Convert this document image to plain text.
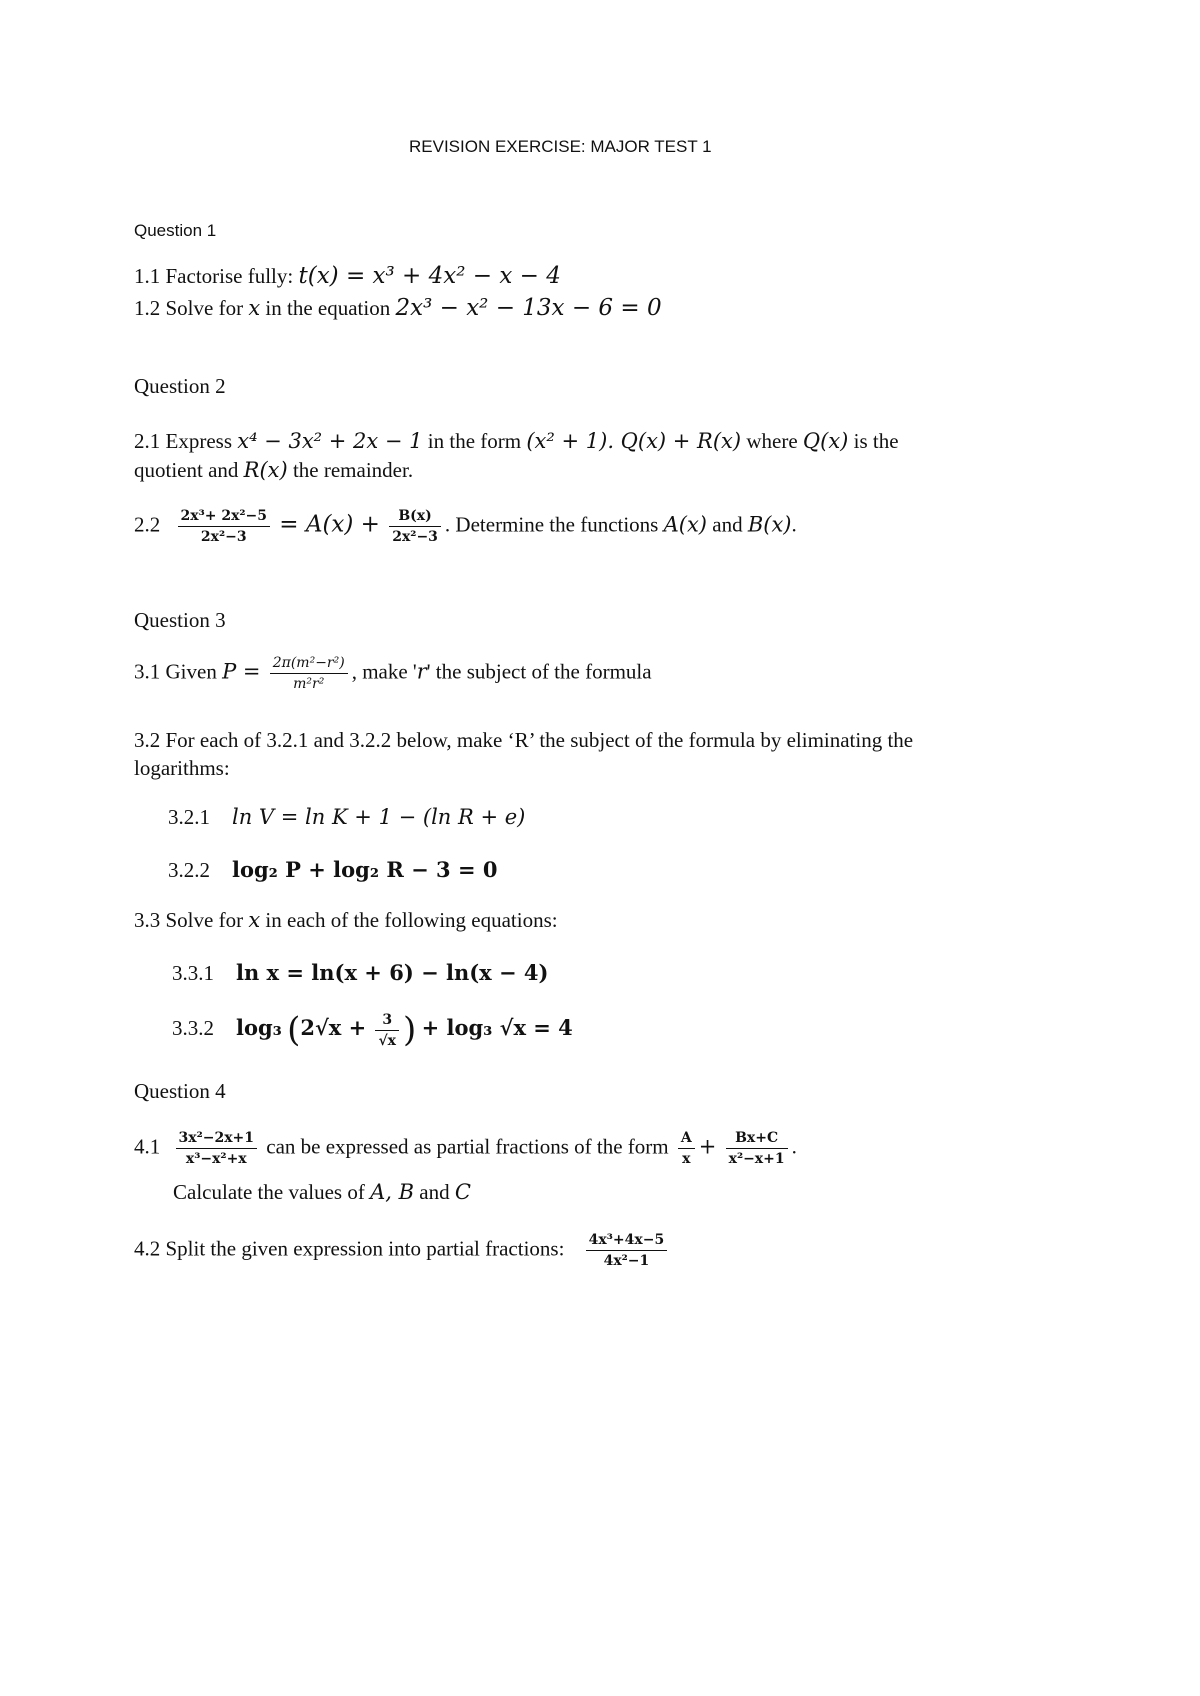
REVISION EXERCISE: MAJOR TEST 1
Question 1
1.1 Factorise fully: t(x) = x³ + 4x² − x − 4
1.2 Solve for x in the equation 2x³ − x² − 13x − 6 = 0
Question 2
2.1 Express x⁴ − 3x² + 2x − 1 in the form (x² + 1). Q(x) + R(x) where Q(x) is the
quotient and R(x) the remainder.
$2.2 \frac{\text{2x³+ 2x²−5}}{\text{2x²−3}} = A(x) + \frac{B(x)}{\text{2x²−3}}$ . Determine the functions A(x) and B(x).
Question 3
3.1 Given $P = \frac{\text{2π(m²−r²)}}{\text{m²r²}}$ , make 'r' the subject of the formula
3.2 For each of 3.2.1 and 3.2.2 below, make ‘R’ the subject of the formula by eliminating the
logarithms:
3.2.1 ln V = ln K + 1 − (ln R + e)
3.2.2 log₂ P + log₂ R − 3 = 0
3.3 Solve for x in each of the following equations:
3.3.1 ln x = ln(x + 6) − ln(x − 4)
3.3.2 log₃ ($2√x + \frac{3}{√x}$ ) + log₃ √x = 4
Question 4
$4.1 \frac{\text{3x²−2x+1}}{\text{x³−x²+x}}$ can be expressed as partial fractions of the form $\frac{A}{x} + \frac{Bx+C}{\text{x²−x+1}}$ .
Calculate the values of A, B and C
4.2 Split the given expression into partial fractions: $\frac{\text{4x³+4x−5}}{\text{4x²−1}}$
